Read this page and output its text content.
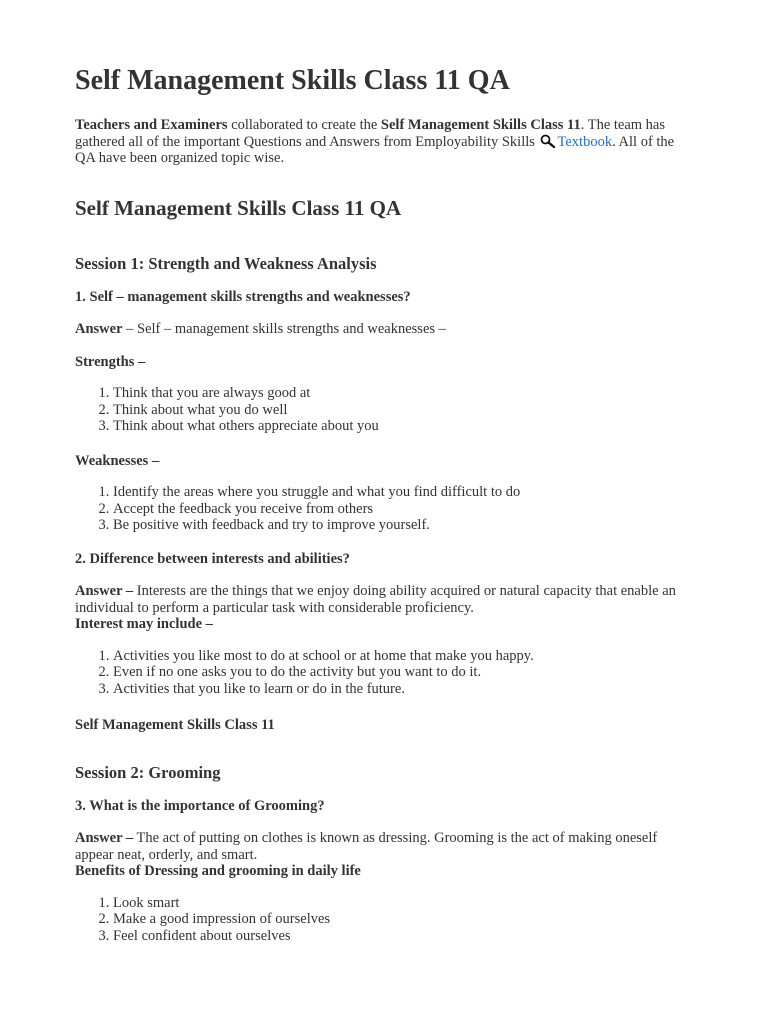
Self Management Skills Class 11 QA

Teachers and Examiners collaborated to create the Self Management Skills Class 11. The team has gathered all of the important Questions and Answers from Employability Skills Textbook. All of the QA have been organized topic wise.

Self Management Skills Class 11 QA
Session 1: Strength and Weakness Analysis

1. Self – management skills strengths and weaknesses?

Answer – Self – management skills strengths and weaknesses –

Strengths –

1. Think that you are always good at
2. Think about what you do well
3. Think about what others appreciate about you

Weaknesses –

1. Identify the areas where you struggle and what you find difficult to do
2. Accept the feedback you receive from others
3. Be positive with feedback and try to improve yourself.

2. Difference between interests and abilities?

Answer – Interests are the things that we enjoy doing ability acquired or natural capacity that enable an individual to perform a particular task with considerable proficiency.

Interest may include –

1. Activities you like most to do at school or at home that make you happy.
2. Even if no one asks you to do the activity but you want to do it.
3. Activities that you like to learn or do in the future.

Self Management Skills Class 11

Session 2: Grooming

3. What is the importance of Grooming?

Answer – The act of putting on clothes is known as dressing. Grooming is the act of making oneself appear neat, orderly, and smart.

Benefits of Dressing and grooming in daily life

1. Look smart
2. Make a good impression of ourselves
3. Feel confident about ourselves
